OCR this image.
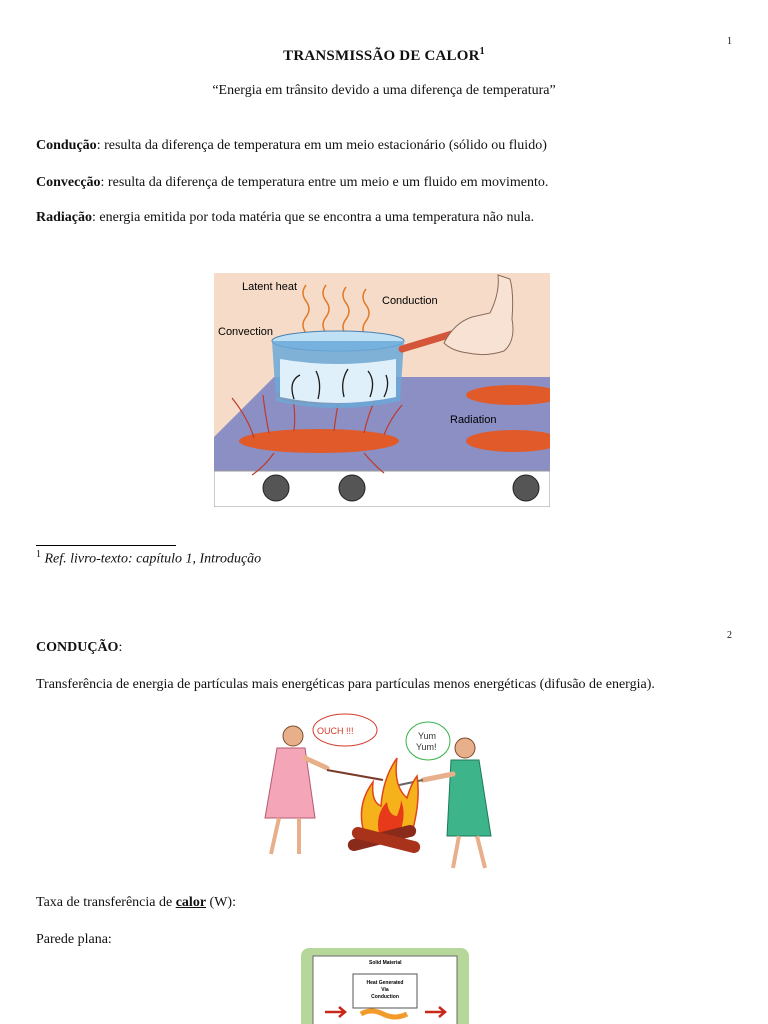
1
TRANSMISSÃO DE CALOR$^1$
“Energia em trânsito devido a uma diferença de temperatura”
Condução: resulta da diferença de temperatura em um meio estacionário (sólido ou fluido)
Convecção: resulta da diferença de temperatura entre um meio e um fluido em movimento.
Radiação: energia emitida por toda matéria que se encontra a uma temperatura não nula.
Latent heat
Conduction
Convection
Radiation
$^1$ Ref. livro-texto: capítulo 1, Introdução
2
CONDUÇÃO:
Transferência de energia de partículas mais energéticas para partículas menos energéticas (difusão de energia).
OUCH !!!	Yum
Yum!
Taxa de transferência de calor (W):
Parede plana:
Solid Material
Heat Generated
Via
Conduction
